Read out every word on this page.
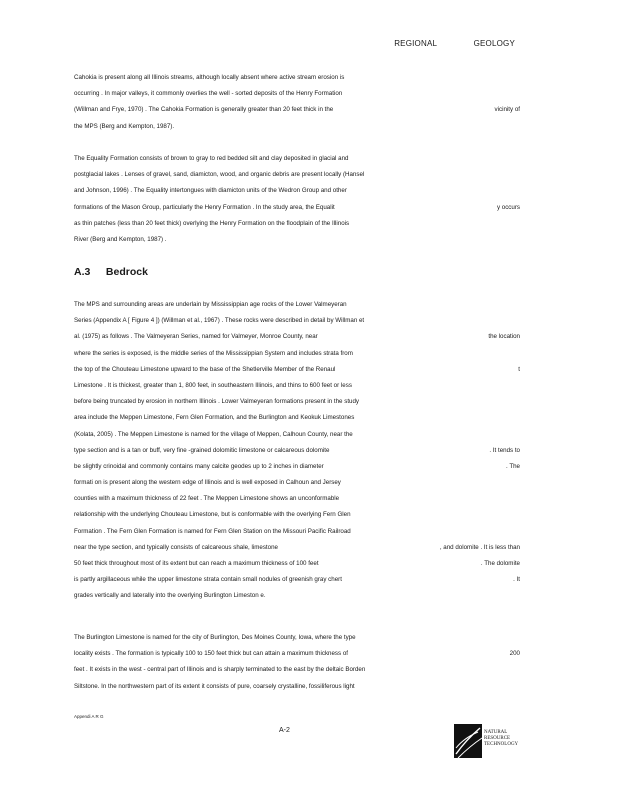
REGIONAL	GEOLOGY
Cahokia is present along all Illinois streams, although locally absent where active stream erosion is
occurring . In major valleys, it commonly overlies the well - sorted deposits of the Henry Formation
(Willman and Frye, 1970) . The Cahokia Formation is generally greater than 20 feet thick in the	vicinity of
the MPS (Berg and Kempton, 1987).
The Equality Formation consists of brown to gray to red bedded silt and clay deposited in glacial and
postglacial lakes . Lenses of gravel, sand, diamicton, wood, and organic debris are present locally (Hansel
and Johnson, 1996) . The Equality intertongues with diamicton units of the Wedron Group and other
formations of the Mason Group, particularly the Henry Formation . In the study area, the Equalit	y occurs
as thin patches (less than 20 feet thick) overlying the Henry Formation on the floodplain of the Illinois
River (Berg and Kempton, 1987) .
A.3 Bedrock
The MPS and surrounding areas are underlain by Mississippian age rocks of the Lower Valmeyeran
Series (Appendix A [ Figure 4 ]) (Willman et al., 1967) . These rocks were described in detail by Willman et
al. (1975) as follows . The Valmeyeran Series, named for Valmeyer, Monroe County, near	the location
where the series is exposed, is the middle series of the Mississippian System and includes strata from
the top of the Chouteau Limestone upward to the base of the Shetlerville Member of the Renaul	t
Limestone . It is thickest, greater than 1, 800 feet, in southeastern Illinois, and thins to 600 feet or less
before being truncated by erosion in northern Illinois . Lower Valmeyeran formations present in the study
area include the Meppen Limestone, Fern Glen Formation, and the Burlington and Keokuk Limestones
(Kolata, 2005) . The Meppen Limestone is named for the village of Meppen, Calhoun County, near the
type section and is a tan or buff, very fine -grained dolomitic limestone or calcareous dolomite	. It tends to
be slightly crinoidal and commonly contains many calcite geodes up to 2 inches in diameter	. The
formati on is present along the western edge of Illinois and is well exposed in Calhoun and Jersey
counties with a maximum thickness of 22 feet . The Meppen Limestone shows an unconformable
relationship with the underlying Chouteau Limestone, but is conformable with the overlying Fern Glen
Formation . The Fern Glen Formation is named for Fern Glen Station on the Missouri Pacific Railroad
near the type section, and typically consists of calcareous shale, limestone	, and dolomite . It is less than
50 feet thick throughout most of its extent but can reach a maximum thickness of 100 feet	. The dolomite
is partly argillaceous while the upper limestone strata contain small nodules of greenish gray chert	. It
grades vertically and laterally into the overlying Burlington Limeston e.
The Burlington Limestone is named for the city of Burlington, Des Moines County, Iowa, where the type
locality exists . The formation is typically 100 to 150 feet thick but can attain a maximum thickness of	200
feet . It exists in the west - central part of Illinois and is sharply terminated to the east by the deltaic Borden
Siltstone. In the northwestern part of its extent it consists of pure, coarsely crystalline, fossiliferous light
Appendi A R G
A-2	NATURAL
RESOURCE
TECHNOLOGY
